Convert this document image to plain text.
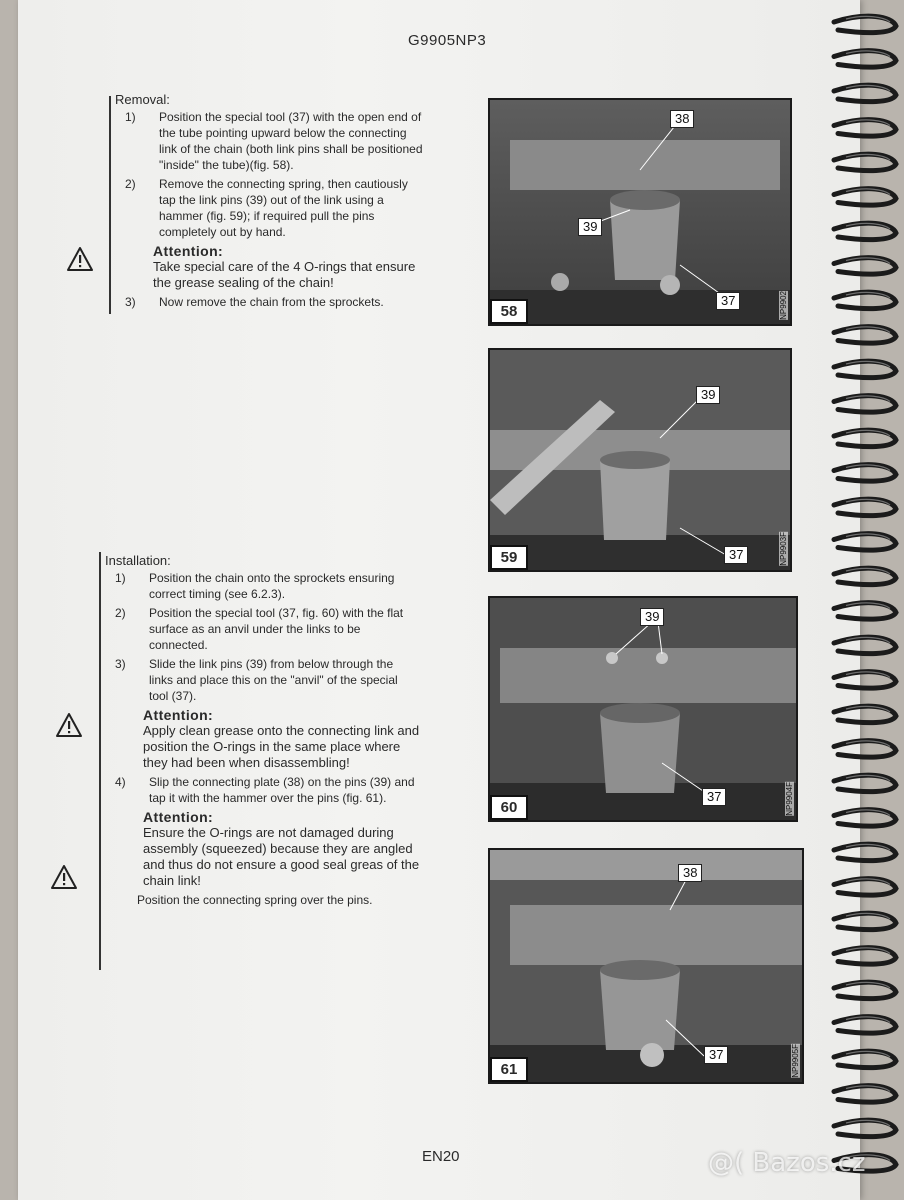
G9905NP3
Removal:
1)	Position the special tool (37) with the open end of the tube pointing upward below the connecting link of the chain (both link pins shall be positioned "inside" the tube)(fig. 58).
2)	Remove the connecting spring, then cautiously tap the link pins (39) out of the link using a hammer (fig. 59); if required pull the pins completely out by hand.
Attention:
Take special care of the 4 O-rings that ensure the grease sealing of the chain!
3)	Now remove the chain from the sprockets.
Installation:
1)	Position the chain onto the sprockets ensuring correct timing (see 6.2.3).
2)	Position the special tool (37, fig. 60) with the flat surface as an anvil under the links to be connected.
3)	Slide the link pins (39) from below through the links and place this on the "anvil" of the special tool (37).
Attention:
Apply clean grease onto the connecting link and position the O-rings in the same place where they had been when disassembling!
4)	Slip the connecting plate (38) on the pins (39) and tap it with the hammer over the pins (fig. 61).
Attention:
Ensure the O-rings are not damaged during assembly (squeezed) because they are angled and thus do not ensure a good seal greas of the chain link!
Position the connecting spring over the pins.
38
39
37
58	NP9902
39
37
59	NP9903F
39
37
60	NP9904F
38
37
61	NP9905F
EN20	@( Bazos.cz
